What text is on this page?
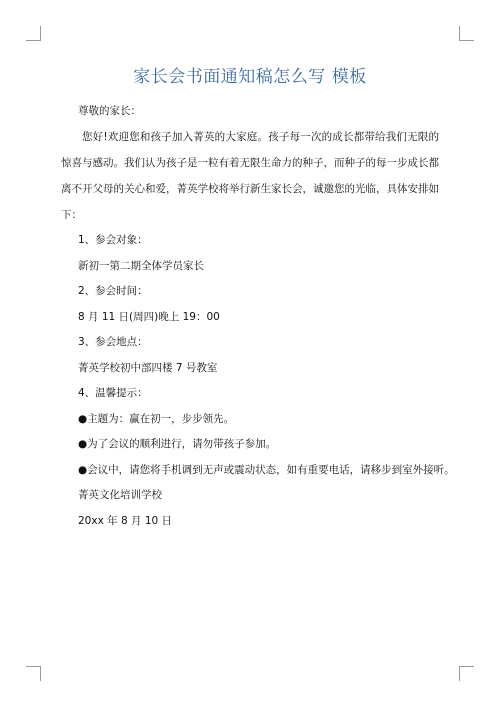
家长会书面通知稿怎么写 模板

尊敬的家长：

您好!欢迎您和孩子加入菁英的大家庭。孩子每一次的成长都带给我们无限的惊喜与感动。我们认为孩子是一粒有着无限生命力的种子，而种子的每一步成长都离不开父母的关心和爱，菁英学校将举行新生家长会，诚邀您的光临，具体安排如下：

1、参会对象：

新初一第二期全体学员家长

2、参会时间：

8 月 11 日(周四)晚上 19：00

3、参会地点：

菁英学校初中部四楼 7 号教室

4、温馨提示：

● 主题为：赢在初一，步步领先。

● 为了会议的顺利进行，请勿带孩子参加。

● 会议中，请您将手机调到无声或震动状态，如有重要电话，请移步到室外接听。

菁英文化培训学校

20xx 年 8 月 10 日
